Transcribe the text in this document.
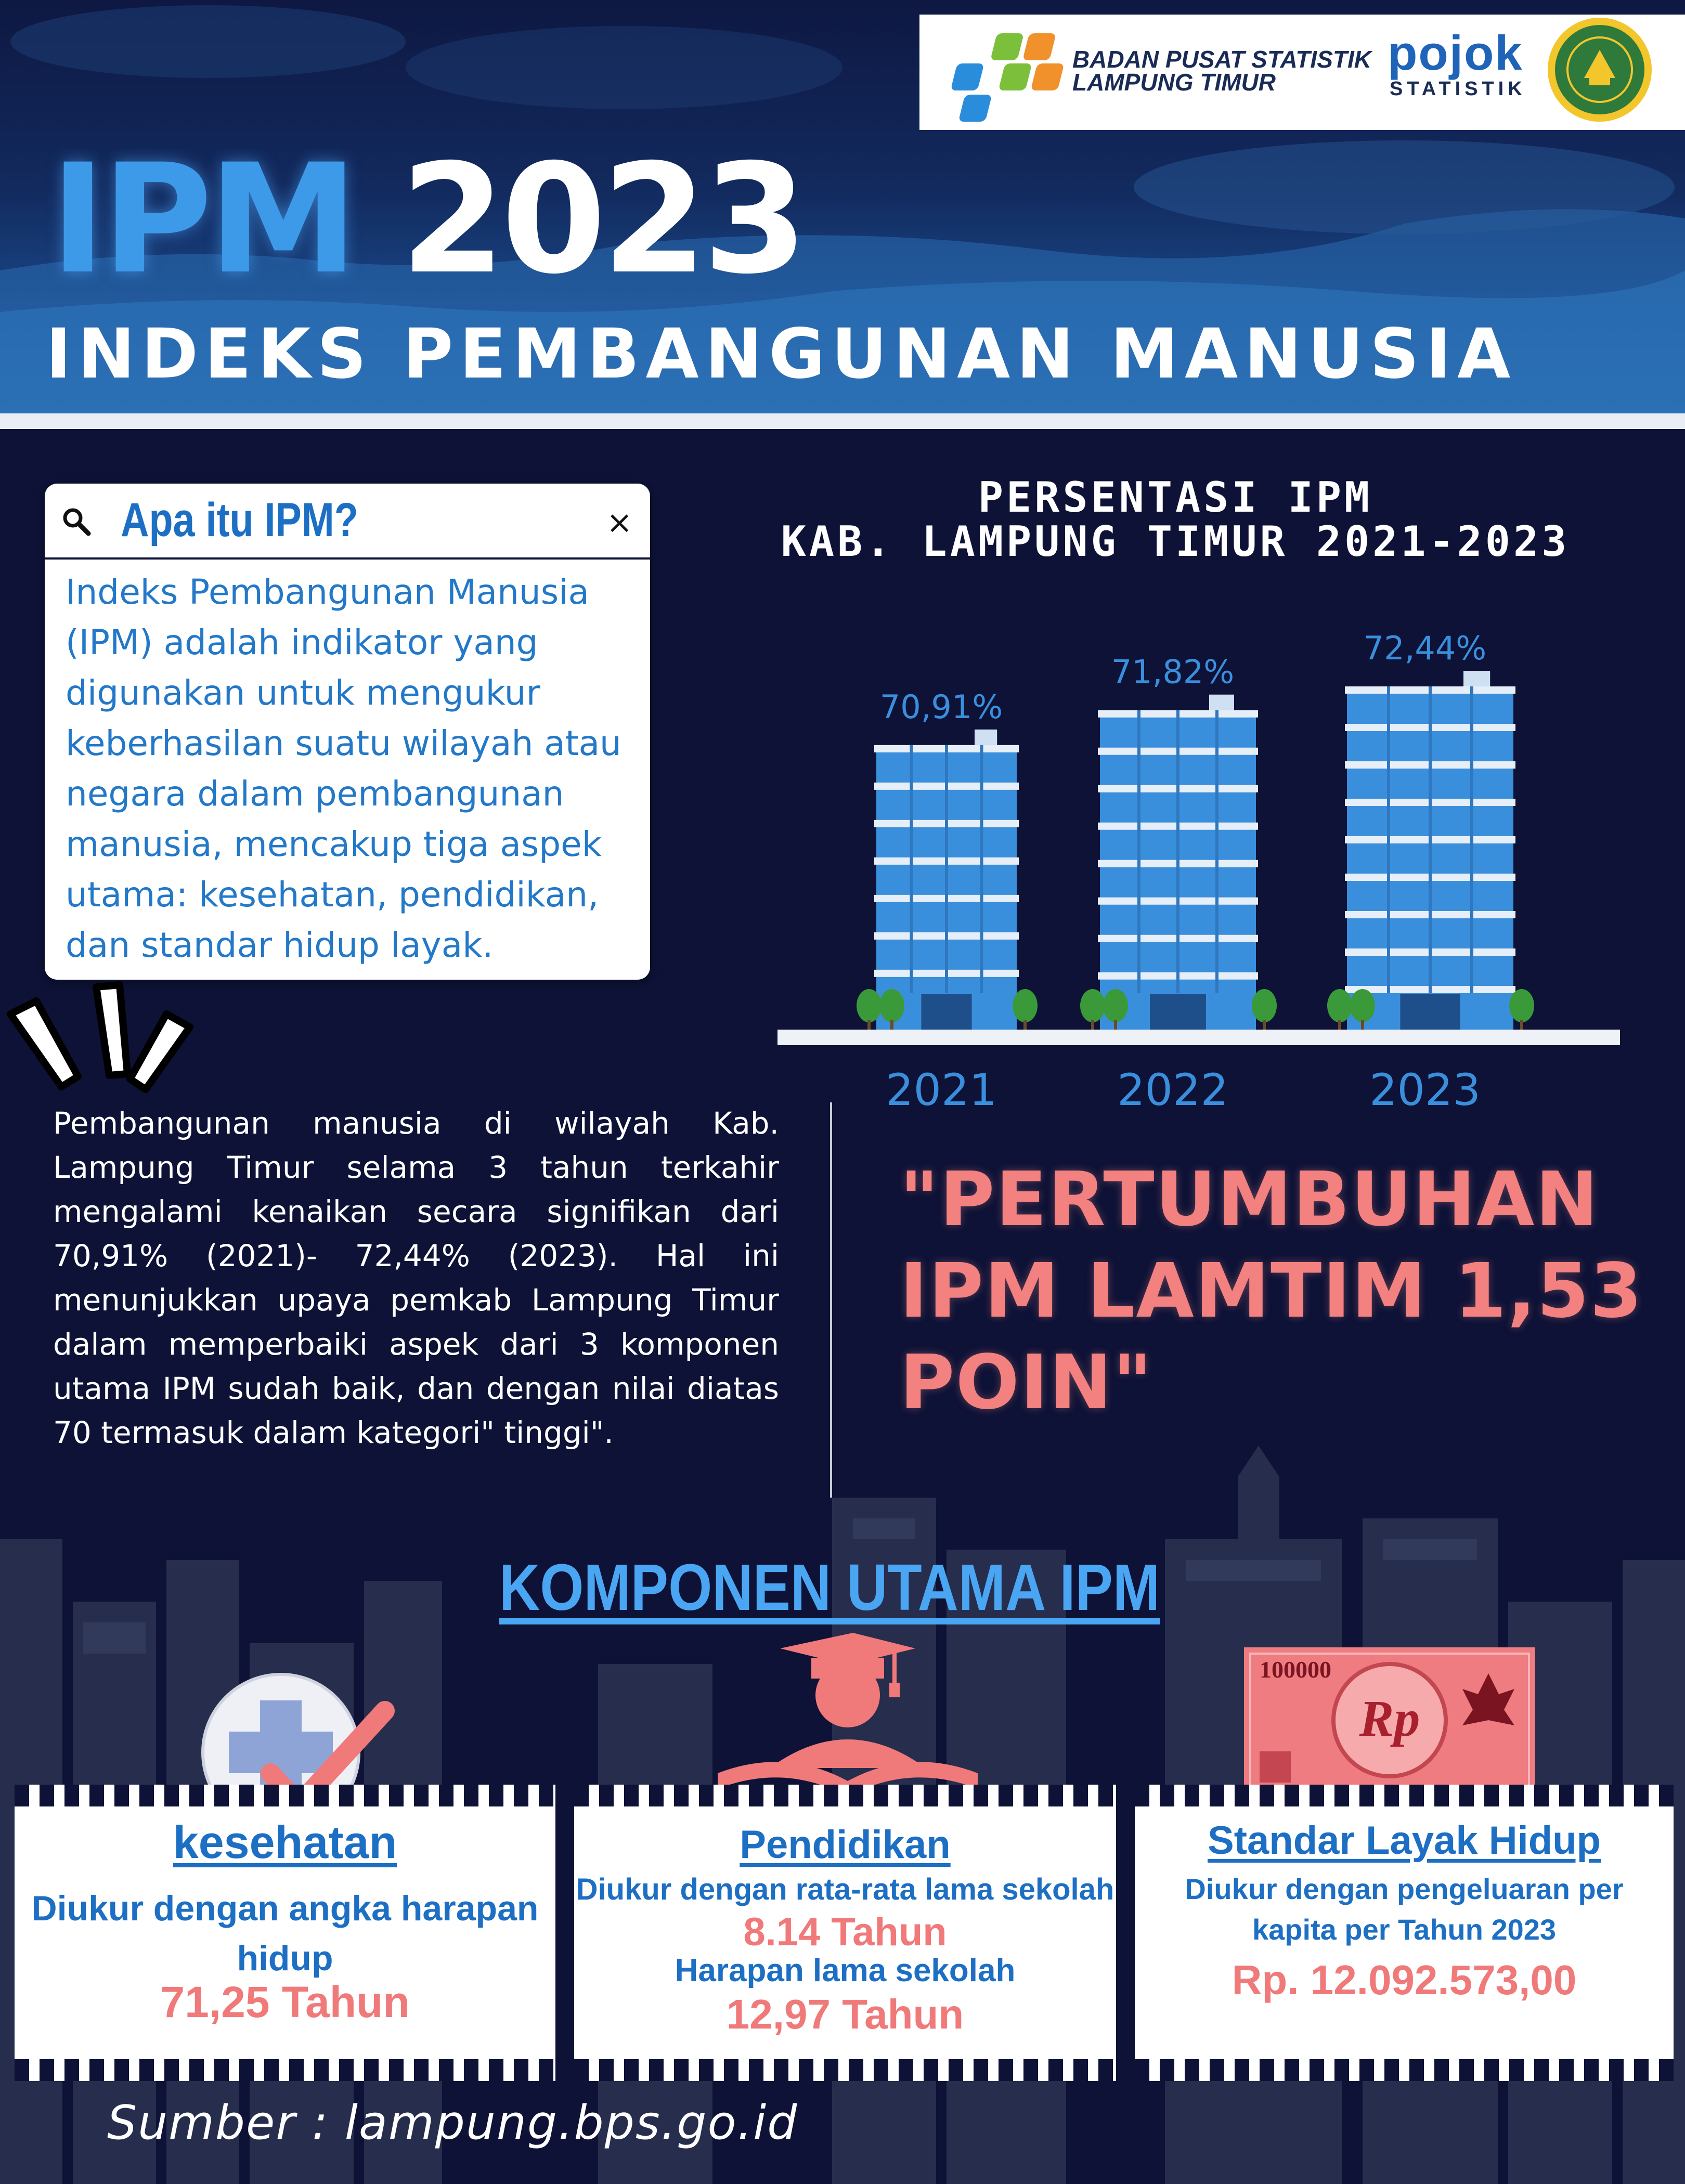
BADAN PUSAT STATISTIK
LAMPUNG TIMUR
pojok
STATISTIK
IPM 2023
INDEKS PEMBANGUNAN MANUSIA
Apa itu IPM?	×
Indeks Pembangunan Manusia (IPM) adalah indikator yang digunakan untuk mengukur keberhasilan suatu wilayah atau negara dalam pembangunan manusia, mencakup tiga aspek utama: kesehatan, pendidikan, dan standar hidup layak.
PERSENTASI IPM
KAB. LAMPUNG TIMUR 2021-2023
70,91%
2021
71,82%
2022
72,44%
2023
Pembangunan manusia di wilayah Kab. Lampung Timur selama 3 tahun terkahir mengalami kenaikan secara signifikan dari 70,91% (2021)- 72,44% (2023). Hal ini menunjukkan upaya pemkab Lampung Timur dalam memperbaiki aspek dari 3 komponen utama IPM sudah baik, dan dengan nilai diatas 70 termasuk dalam kategori" tinggi".
"PERTUMBUHAN IPM LAMTIM 1,53 POIN"
KOMPONEN UTAMA IPM
Rp
100000
kesehatan
Diukur dengan angka harapan hidup
71,25 Tahun
Pendidikan
Diukur dengan rata-rata lama sekolah
8.14 Tahun
Harapan lama sekolah
12,97 Tahun
Standar Layak Hidup
Diukur dengan pengeluaran per kapita per Tahun 2023
Rp. 12.092.573,00
Sumber : lampung.bps.go.id
